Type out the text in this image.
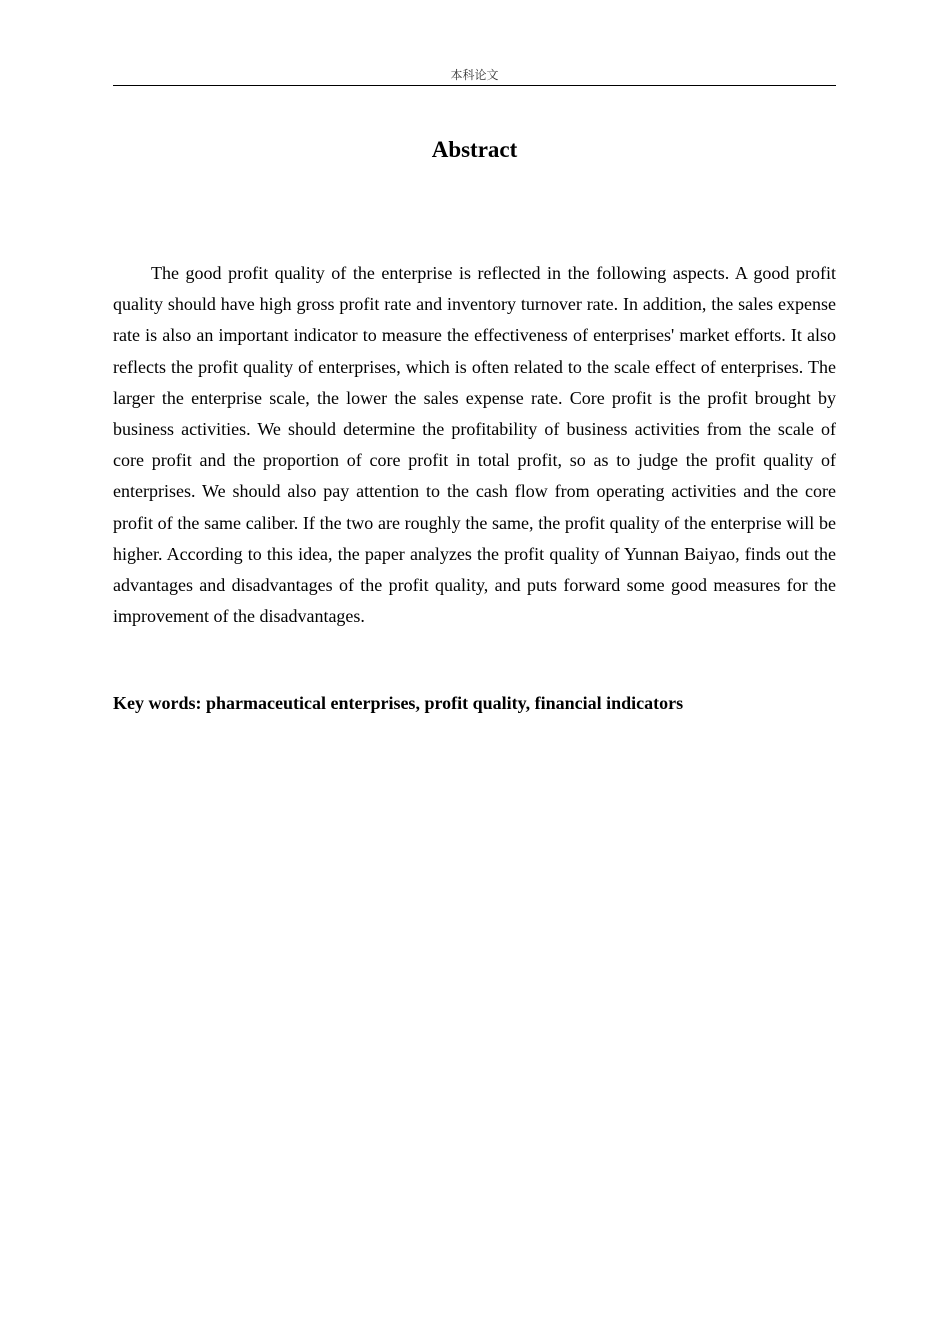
本科论文
Abstract

The good profit quality of the enterprise is reflected in the following aspects. A good profit quality should have high gross profit rate and inventory turnover rate. In addition, the sales expense rate is also an important indicator to measure the effectiveness of enterprises' market efforts. It also reflects the profit quality of enterprises, which is often related to the scale effect of enterprises. The larger the enterprise scale, the lower the sales expense rate. Core profit is the profit brought by business activities. We should determine the profitability of business activities from the scale of core profit and the proportion of core profit in total profit, so as to judge the profit quality of enterprises. We should also pay attention to the cash flow from operating activities and the core profit of the same caliber. If the two are roughly the same, the profit quality of the enterprise will be higher. According to this idea, the paper analyzes the profit quality of Yunnan Baiyao, finds out the advantages and disadvantages of the profit quality, and puts forward some good measures for the improvement of the disadvantages.

Key words: pharmaceutical enterprises, profit quality, financial indicators
